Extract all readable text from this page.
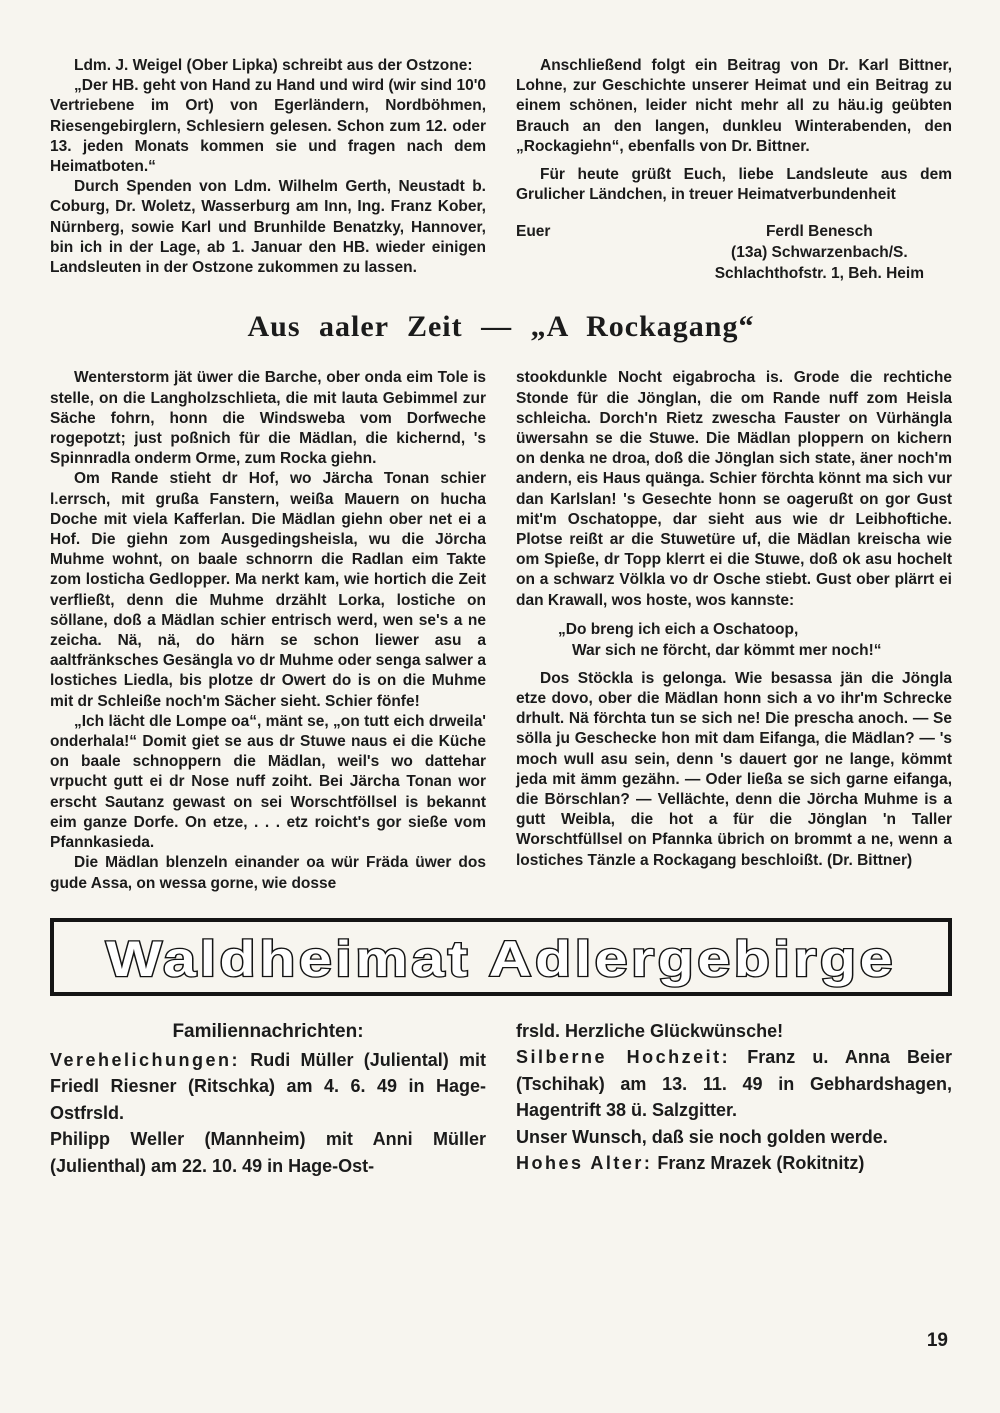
Ldm. J. Weigel (Ober Lipka) schreibt aus der Ostzone:

„Der HB. geht von Hand zu Hand und wird (wir sind 10'0 Vertriebene im Ort) von Egerländern, Nordböhmen, Riesengebirglern, Schlesiern gelesen. Schon zum 12. oder 13. jeden Monats kommen sie und fragen nach dem Heimatboten.“

Durch Spenden von Ldm. Wilhelm Gerth, Neustadt b. Coburg, Dr. Woletz, Wasserburg am Inn, Ing. Franz Kober, Nürnberg, sowie Karl und Brunhilde Benatzky, Hannover, bin ich in der Lage, ab 1. Januar den HB. wieder einigen Landsleuten in der Ostzone zukommen zu lassen.

Anschließend folgt ein Beitrag von Dr. Karl Bittner, Lohne, zur Geschichte unserer Heimat und ein Beitrag zu einem schönen, leider nicht mehr all zu häu.ig geübten Brauch an den langen, dunkleu Winterabenden, den „Rockagiehn“, ebenfalls von Dr. Bittner.

Für heute grüßt Euch, liebe Landsleute aus dem Grulicher Ländchen, in treuer Heimatverbundenheit

Euer	Ferdl Benesch
(13a) Schwarzenbach/S.
Schlachthofstr. 1, Beh. Heim
Aus aaler Zeit — „A Rockagang“

Wenterstorm jät üwer die Barche, ober onda eim Tole is stelle, on die Langholzschlieta, die mit lauta Gebimmel zur Säche fohrn, honn die Windsweba vom Dorfweche rogepotzt; just poßnich für die Mädlan, die kichernd, 's Spinnradla onderm Orme, zum Rocka giehn.

Om Rande stieht dr Hof, wo Järcha Tonan schier l.errsch, mit grußa Fanstern, weißa Mauern on hucha Doche mit viela Kafferlan. Die Mädlan giehn ober net ei a Hof. Die giehn zom Ausgedingsheisla, wu die Jörcha Muhme wohnt, on baale schnorrn die Radlan eim Takte zom losticha Gedlopper. Ma nerkt kam, wie hortich die Zeit verfließt, denn die Muhme drzählt Lorka, lostiche on söllane, doß a Mädlan schier entrisch werd, wen se's a ne zeicha. Nä, nä, do härn se schon liewer asu a aaltfränksches Gesängla vo dr Muhme oder senga salwer a lostiches Liedla, bis plotze dr Owert do is on die Muhme mit dr Schleiße noch'm Sächer sieht. Schier fönfe!

„Ich lächt dle Lompe oa“, mänt se, „on tutt eich drweila' onderhala!“ Domit giet se aus dr Stuwe naus ei die Küche on baale schnoppern die Mädlan, weil's wo dattehar vrpucht gutt ei dr Nose nuff zoiht. Bei Järcha Tonan wor erscht Sautanz gewast on sei Worschtföllsel is bekannt eim ganze Dorfe. On etze, . . . etz roicht's gor sieße vom Pfannkasieda.

Die Mädlan blenzeln einander oa wür Fräda üwer dos gude Assa, on wessa gorne, wie dosse

stookdunkle Nocht eigabrocha is. Grode die rechtiche Stonde für die Jönglan, die om Rande nuff zom Heisla schleicha. Dorch'n Rietz zwescha Fauster on Vürhängla üwersahn se die Stuwe. Die Mädlan ploppern on kichern on denka ne droa, doß die Jönglan sich state, äner noch'm andern, eis Haus quänga. Schier förchta könnt ma sich vur dan Karlslan! 's Gesechte honn se oagerußt on gor Gust mit'm Oschatoppe, dar sieht aus wie dr Leibhoftiche. Plotse reißt ar die Stuwetüre uf, die Mädlan kreischa wie om Spieße, dr Topp klerrt ei die Stuwe, doß ok asu hochelt on a schwarz Völkla vo dr Osche stiebt. Gust ober plärrt ei dan Krawall, wos hoste, wos kannste:

„Do breng ich eich a Oschatoop,
War sich ne förcht, dar kömmt mer noch!“

Dos Stöckla is gelonga. Wie besassa jän die Jöngla etze dovo, ober die Mädlan honn sich a vo ihr'm Schrecke drhult. Nä förchta tun se sich ne! Die prescha anoch. — Se sölla ju Geschecke hon mit dam Eifanga, die Mädlan? — 's moch wull asu sein, denn 's dauert gor ne lange, kömmt jeda mit ämm gezähn. — Oder ließa se sich garne eifanga, die Börschlan? — Vellächte, denn die Jörcha Muhme is a gutt Weibla, die hot a für die Jönglan 'n Taller Worschtfüllsel on Pfannka übrich on brommt a ne, wenn a lostiches Tänzle a Rockagang beschloißt. (Dr. Bittner)

Waldheimat Adlergebirge
Familiennachrichten:

Verehelichungen: Rudi Müller (Juliental) mit Friedl Riesner (Ritschka) am 4. 6. 49 in Hage-Ostfrsld.

Philipp Weller (Mannheim) mit Anni Müller (Julienthal) am 22. 10. 49 in Hage-Ost-

frsld. Herzliche Glückwünsche!

Silberne Hochzeit: Franz u. Anna Beier (Tschihak) am 13. 11. 49 in Gebhardshagen, Hagentrift 38 ü. Salzgitter.

Unser Wunsch, daß sie noch golden werde.

Hohes Alter: Franz Mrazek (Rokitnitz)

19
